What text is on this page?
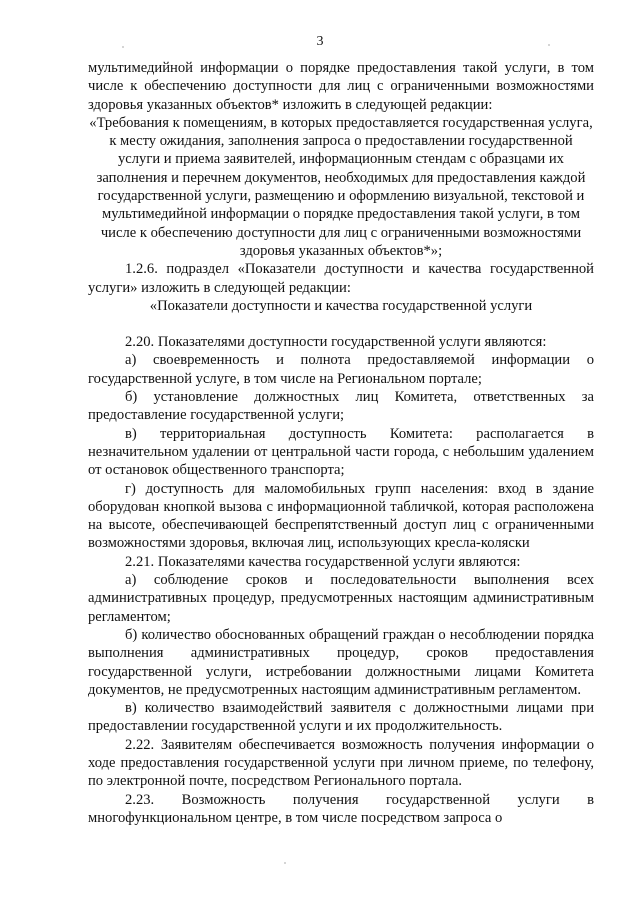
3

мультимедийной информации о порядке предоставления такой услуги, в том числе к обеспечению доступности для лиц с ограниченными возможностями здоровья указанных объектов* изложить в следующей редакции:

«Требования к помещениям, в которых предоставляется государственная услуга, к месту ожидания, заполнения запроса о предоставлении государственной услуги и приема заявителей, информационным стендам с образцами их заполнения и перечнем документов, необходимых для предоставления каждой государственной услуги, размещению и оформлению визуальной, текстовой и мультимедийной информации о порядке предоставления такой услуги, в том числе к обеспечению доступности для лиц с ограниченными возможностями здоровья указанных объектов*»;

1.2.6. подраздел «Показатели доступности и качества государственной услуги» изложить в следующей редакции:

«Показатели доступности и качества государственной услуги

2.20. Показателями доступности государственной услуги являются:

а) своевременность и полнота предоставляемой информации о государственной услуге, в том числе на Региональном портале;

б) установление должностных лиц Комитета, ответственных за предоставление государственной услуги;

в) территориальная доступность Комитета: располагается в незначительном удалении от центральной части города, с небольшим удалением от остановок общественного транспорта;

г) доступность для маломобильных групп населения: вход в здание оборудован кнопкой вызова с информационной табличкой, которая расположена на высоте, обеспечивающей беспрепятственный доступ лиц с ограниченными возможностями здоровья, включая лиц, использующих кресла-коляски

2.21. Показателями качества государственной услуги являются:

а) соблюдение сроков и последовательности выполнения всех административных процедур, предусмотренных настоящим административным регламентом;

б) количество обоснованных обращений граждан о несоблюдении порядка выполнения административных процедур, сроков предоставления государственной услуги, истребовании должностными лицами Комитета документов, не предусмотренных настоящим административным регламентом.

в) количество взаимодействий заявителя с должностными лицами при предоставлении государственной услуги и их продолжительность.

2.22. Заявителям обеспечивается возможность получения информации о ходе предоставления государственной услуги при личном приеме, по телефону, по электронной почте, посредством Регионального портала.

2.23. Возможность получения государственной услуги в многофункциональном центре, в том числе посредством запроса о
